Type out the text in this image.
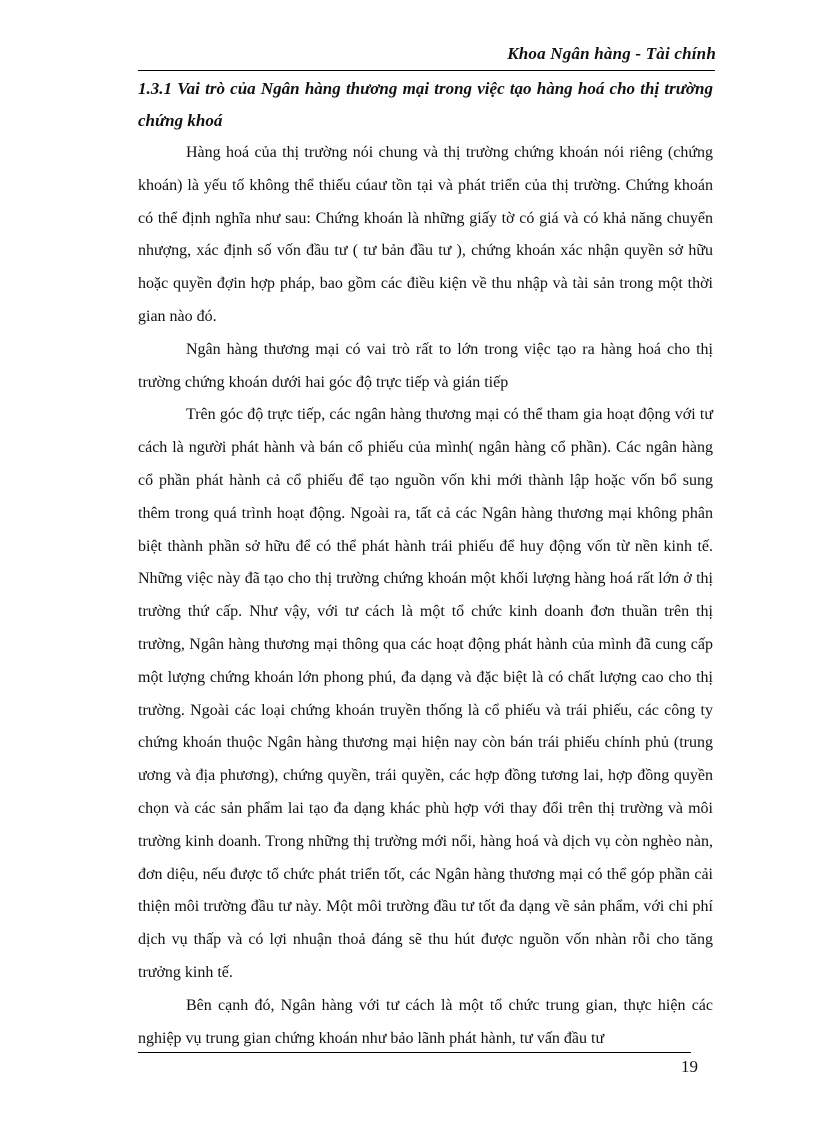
Khoa Ngân hàng - Tài chính

1.3.1 Vai trò của Ngân hàng thương mại trong việc tạo hàng hoá cho thị trường chứng khoá

Hàng hoá của thị trường nói chung và thị trường chứng khoán nói riêng (chứng khoán) là yếu tố không thể thiếu cúaư tồn tại và phát triển của thị trường. Chứng khoán có thể định nghĩa như sau: Chứng khoán là những giấy tờ có giá và có khả năng chuyển nhượng, xác định số vốn đầu tư ( tư bản đầu tư ), chứng khoán xác nhận quyền sở hữu hoặc quyền đợin hợp pháp, bao gồm các điều kiện về thu nhập và tài sản trong một thời gian nào đó.

Ngân hàng thương mại có vai trò rất to lớn trong việc tạo ra hàng hoá cho thị trường chứng khoán dưới hai góc độ trực tiếp và gián tiếp

Trên góc độ trực tiếp, các ngân hàng thương mại có thể tham gia hoạt động với tư cách là người phát hành và bán cổ phiếu của mình( ngân hàng cổ phần). Các ngân hàng cổ phần phát hành cả cổ phiếu để tạo nguồn vốn khi mới thành lập hoặc vốn bổ sung thêm trong quá trình hoạt động. Ngoài ra, tất cả các Ngân hàng thương mại không phân biệt thành phần sở hữu để có thể phát hành trái phiếu để huy động vốn từ nền kinh tế. Những việc này đã tạo cho thị trường chứng khoán một khối lượng hàng hoá rất lớn ở thị trường thứ cấp. Như vậy, với tư cách là một tổ chức kinh doanh đơn thuần trên thị trường, Ngân hàng thương mại thông qua các hoạt động phát hành của mình đã cung cấp một lượng chứng khoán lớn phong phú, đa dạng và đặc biệt là có chất lượng cao cho thị trường. Ngoài các loại chứng khoán truyền thống là cổ phiếu và trái phiếu, các công ty chứng khoán thuộc Ngân hàng thương mại hiện nay còn bán trái phiếu chính phủ (trung ương và địa phương), chứng quyền, trái quyền, các hợp đồng tương lai, hợp đồng quyền chọn và các sản phẩm lai tạo đa dạng khác phù hợp với thay đổi trên thị trường và môi trường kinh doanh. Trong những thị trường mới nổi, hàng hoá và dịch vụ còn nghèo nàn, đơn diệu, nếu được tổ chức phát triển tốt, các Ngân hàng thương mại có thể góp phần cải thiện môi trường đầu tư này. Một môi trường đầu tư tốt đa dạng về sản phẩm, với chi phí dịch vụ thấp và có lợi nhuận thoả đáng sẽ thu hút được nguồn vốn nhàn rỗi cho tăng trưởng kinh tế.

Bên cạnh đó, Ngân hàng với tư cách là một tổ chức trung gian, thực hiện các nghiệp vụ trung gian chứng khoán như bảo lãnh phát hành, tư vấn đầu tư

19
